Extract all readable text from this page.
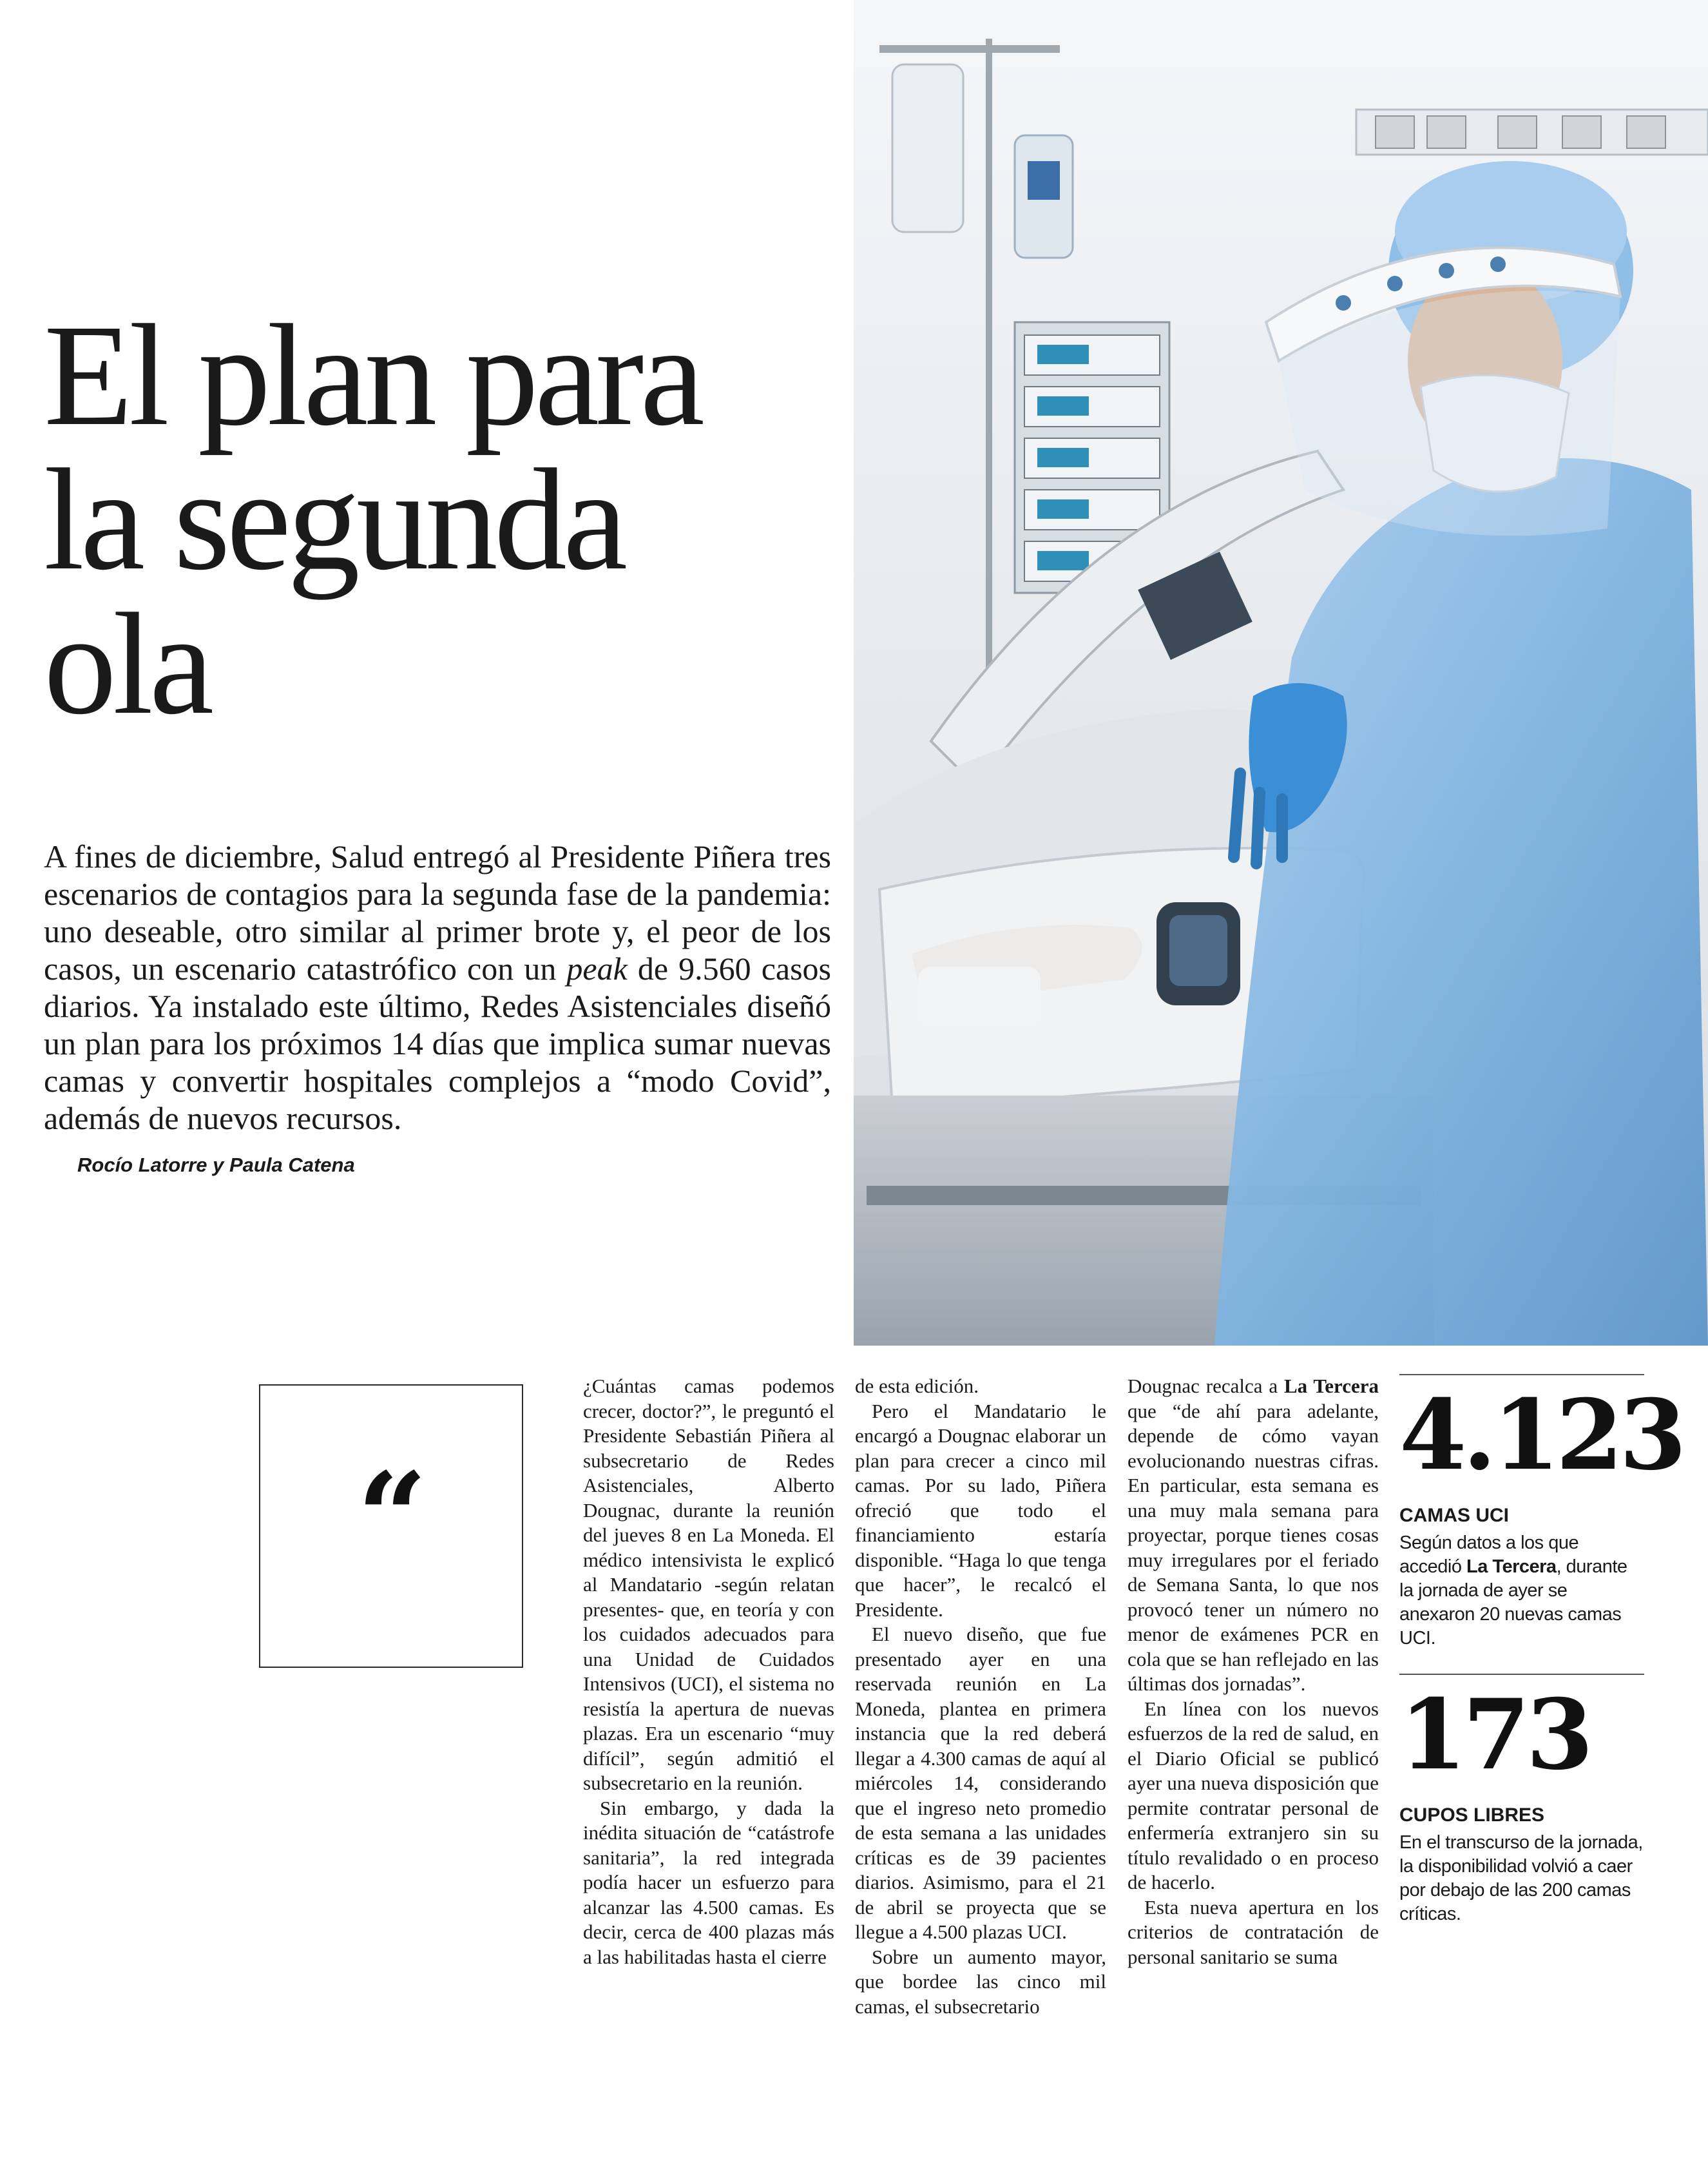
El plan para
la segunda
ola
A fines de diciembre, Salud entregó al Presidente Piñera tres escenarios de contagios para la segunda fase de la pandemia: uno deseable, otro similar al primer brote y, el peor de los casos, un escenario catastrófico con un peak de 9.560 casos diarios. Ya instalado este último, Redes Asistenciales diseñó un plan para los próximos 14 días que implica sumar nuevas camas y convertir hospitales complejos a “modo Covid”, además de nuevos recursos.
Rocío Latorre y Paula Catena
“

¿Cuántas camas podemos crecer, doctor?”, le preguntó el Presidente Sebastián Piñera al subsecretario de Redes Asistenciales, Alberto Dougnac, durante la reunión del jueves 8 en La Moneda. El médico intensivista le explicó al Mandatario -según relatan presentes- que, en teoría y con los cuidados adecuados para una Unidad de Cuidados Intensivos (UCI), el sistema no resistía la apertura de nuevas plazas. Era un escenario “muy difícil”, según admitió el subsecretario en la reunión.

Sin embargo, y dada la inédita situación de “catástrofe sanitaria”, la red integrada podía hacer un esfuerzo para alcanzar las 4.500 camas. Es decir, cerca de 400 plazas más a las habilitadas hasta el cierre

de esta edición.

Pero el Mandatario le encargó a Dougnac elaborar un plan para crecer a cinco mil camas. Por su lado, Piñera ofreció que todo el financiamiento estaría disponible. “Haga lo que tenga que hacer”, le recalcó el Presidente.

El nuevo diseño, que fue presentado ayer en una reservada reunión en La Moneda, plantea en primera instancia que la red deberá llegar a 4.300 camas de aquí al miércoles 14, considerando que el ingreso neto promedio de esta semana a las unidades críticas es de 39 pacientes diarios. Asimismo, para el 21 de abril se proyecta que se llegue a 4.500 plazas UCI.

Sobre un aumento mayor, que bordee las cinco mil camas, el subsecretario

Dougnac recalca a La Tercera que “de ahí para adelante, depende de cómo vayan evolucionando nuestras cifras. En particular, esta semana es una muy mala semana para proyectar, porque tienes cosas muy irregulares por el feriado de Semana Santa, lo que nos provocó tener un número no menor de exámenes PCR en cola que se han reflejado en las últimas dos jornadas”.

En línea con los nuevos esfuerzos de la red de salud, en el Diario Oficial se publicó ayer una nueva disposición que permite contratar personal de enfermería extranjero sin su título revalidado o en proceso de hacerlo.

Esta nueva apertura en los criterios de contratación de personal sanitario se suma

4.123
CAMAS UCI
Según datos a los que accedió La Tercera, durante la jornada de ayer se anexaron 20 nuevas camas UCI.
173
CUPOS LIBRES
En el transcurso de la jornada, la disponibilidad volvió a caer por debajo de las 200 camas críticas.
